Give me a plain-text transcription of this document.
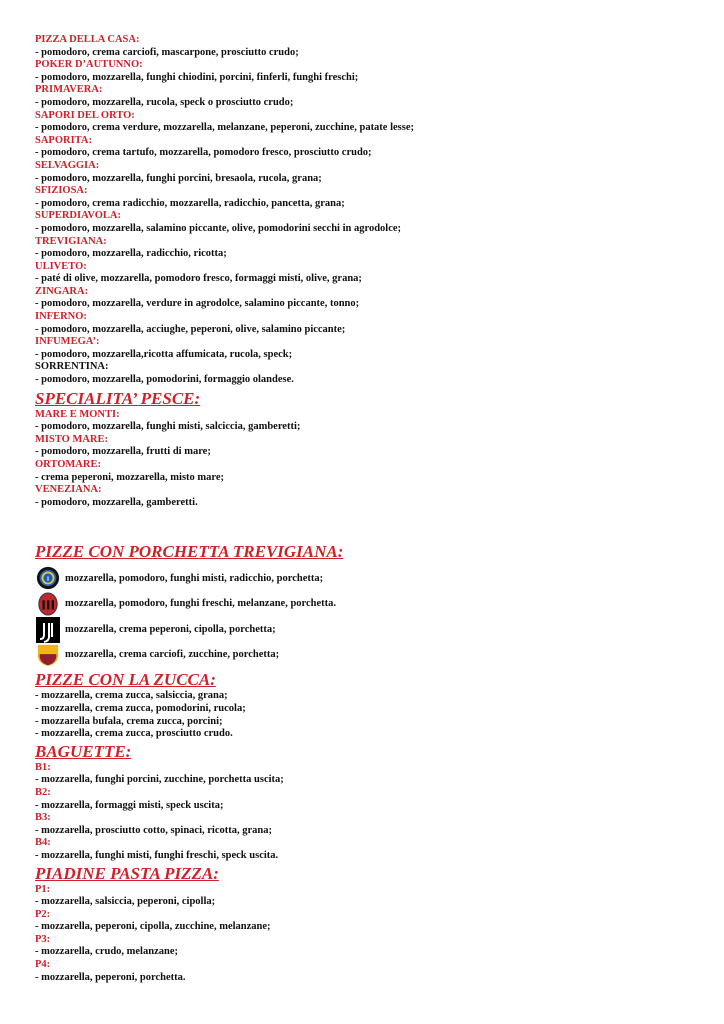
PIZZA DELLA CASA:
- pomodoro, crema carciofi, mascarpone, prosciutto crudo;
POKER D’AUTUNNO:
- pomodoro, mozzarella, funghi chiodini, porcini, finferli, funghi freschi;
PRIMAVERA:
- pomodoro, mozzarella, rucola, speck o prosciutto crudo;
SAPORI DEL ORTO:
- pomodoro, crema verdure, mozzarella, melanzane, peperoni, zucchine, patate lesse;
SAPORITA:
- pomodoro, crema tartufo, mozzarella, pomodoro fresco, prosciutto crudo;
SELVAGGIA:
- pomodoro, mozzarella, funghi porcini, bresaola, rucola, grana;
SFIZIOSA:
- pomodoro, crema radicchio, mozzarella, radicchio, pancetta, grana;
SUPERDIAVOLA:
- pomodoro, mozzarella, salamino piccante, olive, pomodorini secchi in agrodolce;
TREVIGIANA:
- pomodoro, mozzarella, radicchio, ricotta;
ULIVETO:
- paté di olive, mozzarella, pomodoro fresco, formaggi misti, olive, grana;
ZINGARA:
- pomodoro, mozzarella, verdure in agrodolce, salamino piccante, tonno;
INFERNO:
- pomodoro, mozzarella, acciughe, peperoni, olive, salamino piccante;
INFUMEGA’:
- pomodoro, mozzarella,ricotta affumicata, rucola, speck;
SORRENTINA:
- pomodoro, mozzarella, pomodorini, formaggio olandese.
SPECIALITA’ PESCE:
MARE E MONTI:
- pomodoro, mozzarella, funghi misti, salciccia, gamberetti;
MISTO MARE:
- pomodoro, mozzarella, frutti di mare;
ORTOMARE:
- crema peperoni, mozzarella, misto mare;
VENEZIANA:
- pomodoro, mozzarella, gamberetti.
PIZZE CON PORCHETTA TREVIGIANA:
I mozzarella, pomodoro, funghi misti, radicchio, porchetta;
mozzarella, pomodoro, funghi freschi, melanzane, porchetta.
mozzarella, crema peperoni, cipolla, porchetta;
mozzarella, crema carciofi, zucchine, porchetta;
PIZZE CON LA ZUCCA:
- mozzarella, crema zucca, salsiccia, grana;
- mozzarella, crema zucca, pomodorini, rucola;
- mozzarella bufala, crema zucca, porcini;
- mozzarella, crema zucca, prosciutto crudo.
BAGUETTE:
B1:
- mozzarella, funghi porcini, zucchine, porchetta uscita;
B2:
- mozzarella, formaggi misti, speck uscita;
B3:
- mozzarella, prosciutto cotto, spinaci, ricotta, grana;
B4:
- mozzarella, funghi misti, funghi freschi, speck uscita.
PIADINE PASTA PIZZA:
P1:
- mozzarella, salsiccia, peperoni, cipolla;
P2:
- mozzarella, peperoni, cipolla, zucchine, melanzane;
P3:
- mozzarella, crudo, melanzane;
P4:
- mozzarella, peperoni, porchetta.
